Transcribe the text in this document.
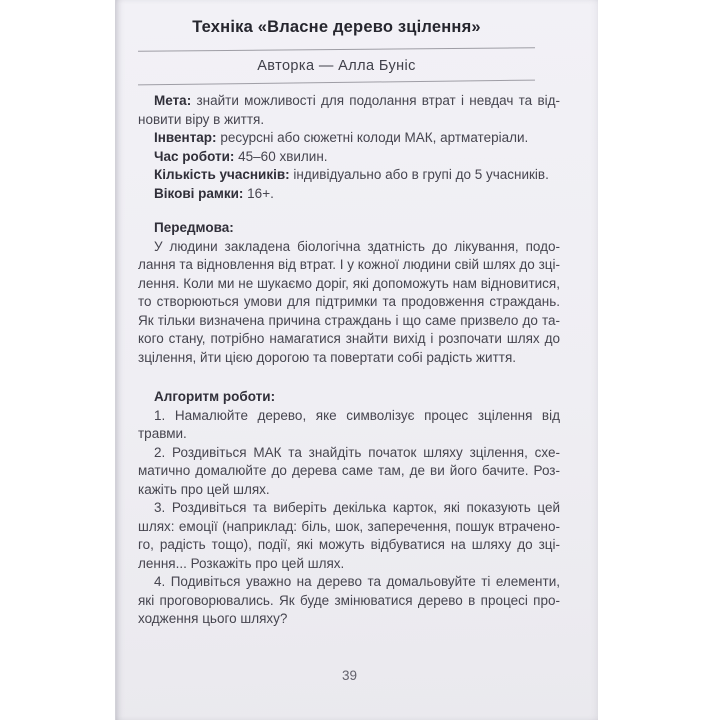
Техніка «Власне дерево зцілення»
Авторка — Алла Буніс
Мета: знайти можливості для подолання втрат і невдач та від-
новити віру в життя.
Інвентар: ресурсні або сюжетні колоди МАК, артматеріали.
Час роботи: 45–60 хвилин.
Кількість учасників: індивідуально або в групі до 5 учасників.
Вікові рамки: 16+.
Передмова:
У людини закладена біологічна здатність до лікування, подо-
лання та відновлення від втрат. І у кожної людини свій шлях до зці-
лення. Коли ми не шукаємо доріг, які допоможуть нам відновитися,
то створюються умови для підтримки та продовження страждань.
Як тільки визначена причина страждань і що саме призвело до та-
кого стану, потрібно намагатися знайти вихід і розпочати шлях до
зцілення, йти цією дорогою та повертати собі радість життя.
Алгоритм роботи:
1. Намалюйте дерево, яке символізує процес зцілення від
травми.
2. Роздивіться МАК та знайдіть початок шляху зцілення, схе-
матично домалюйте до дерева саме там, де ви його бачите. Роз-
кажіть про цей шлях.
3. Роздивіться та виберіть декілька карток, які показують цей
шлях: емоції (наприклад: біль, шок, заперечення, пошук втрачено-
го, радість тощо), події, які можуть відбуватися на шляху до зці-
лення... Розкажіть про цей шлях.
4. Подивіться уважно на дерево та домальовуйте ті елементи,
які проговорювались. Як буде змінюватися дерево в процесі про-
ходження цього шляху?
39
